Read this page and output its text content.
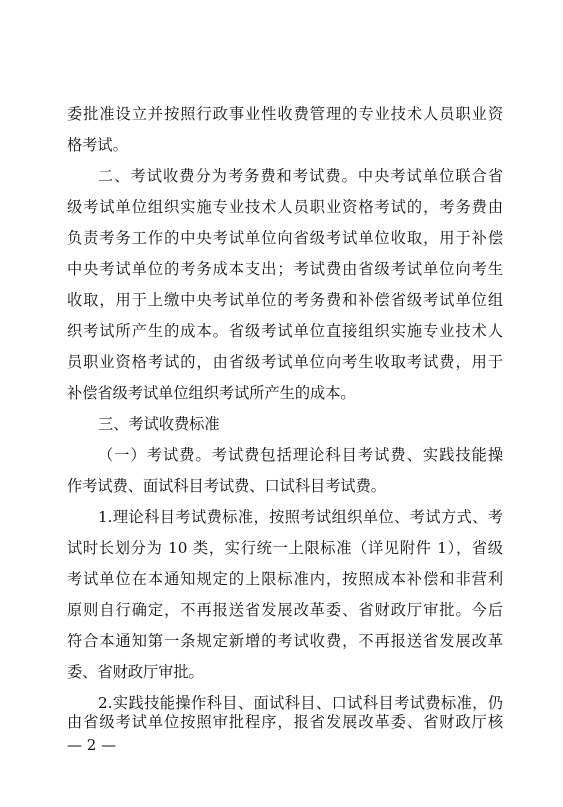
委批准设立并按照行政事业性收费管理的专业技术人员职业资
格考试。
二、考试收费分为考务费和考试费。中央考试单位联合省
级考试单位组织实施专业技术人员职业资格考试的，考务费由
负责考务工作的中央考试单位向省级考试单位收取，用于补偿
中央考试单位的考务成本支出；考试费由省级考试单位向考生
收取，用于上缴中央考试单位的考务费和补偿省级考试单位组
织考试所产生的成本。省级考试单位直接组织实施专业技术人
员职业资格考试的，由省级考试单位向考生收取考试费，用于
补偿省级考试单位组织考试所产生的成本。
三、考试收费标准
（一）考试费。考试费包括理论科目考试费、实践技能操
作考试费、面试科目考试费、口试科目考试费。
1.理论科目考试费标准，按照考试组织单位、考试方式、考
试时长划分为 10 类，实行统一上限标准（详见附件 1），省级
考试单位在本通知规定的上限标准内，按照成本补偿和非营利
原则自行确定，不再报送省发展改革委、省财政厅审批。今后
符合本通知第一条规定新增的考试收费，不再报送省发展改革
委、省财政厅审批。
2.实践技能操作科目、面试科目、口试科目考试费标准，仍
由省级考试单位按照审批程序，报省发展改革委、省财政厅核
— 2 —
